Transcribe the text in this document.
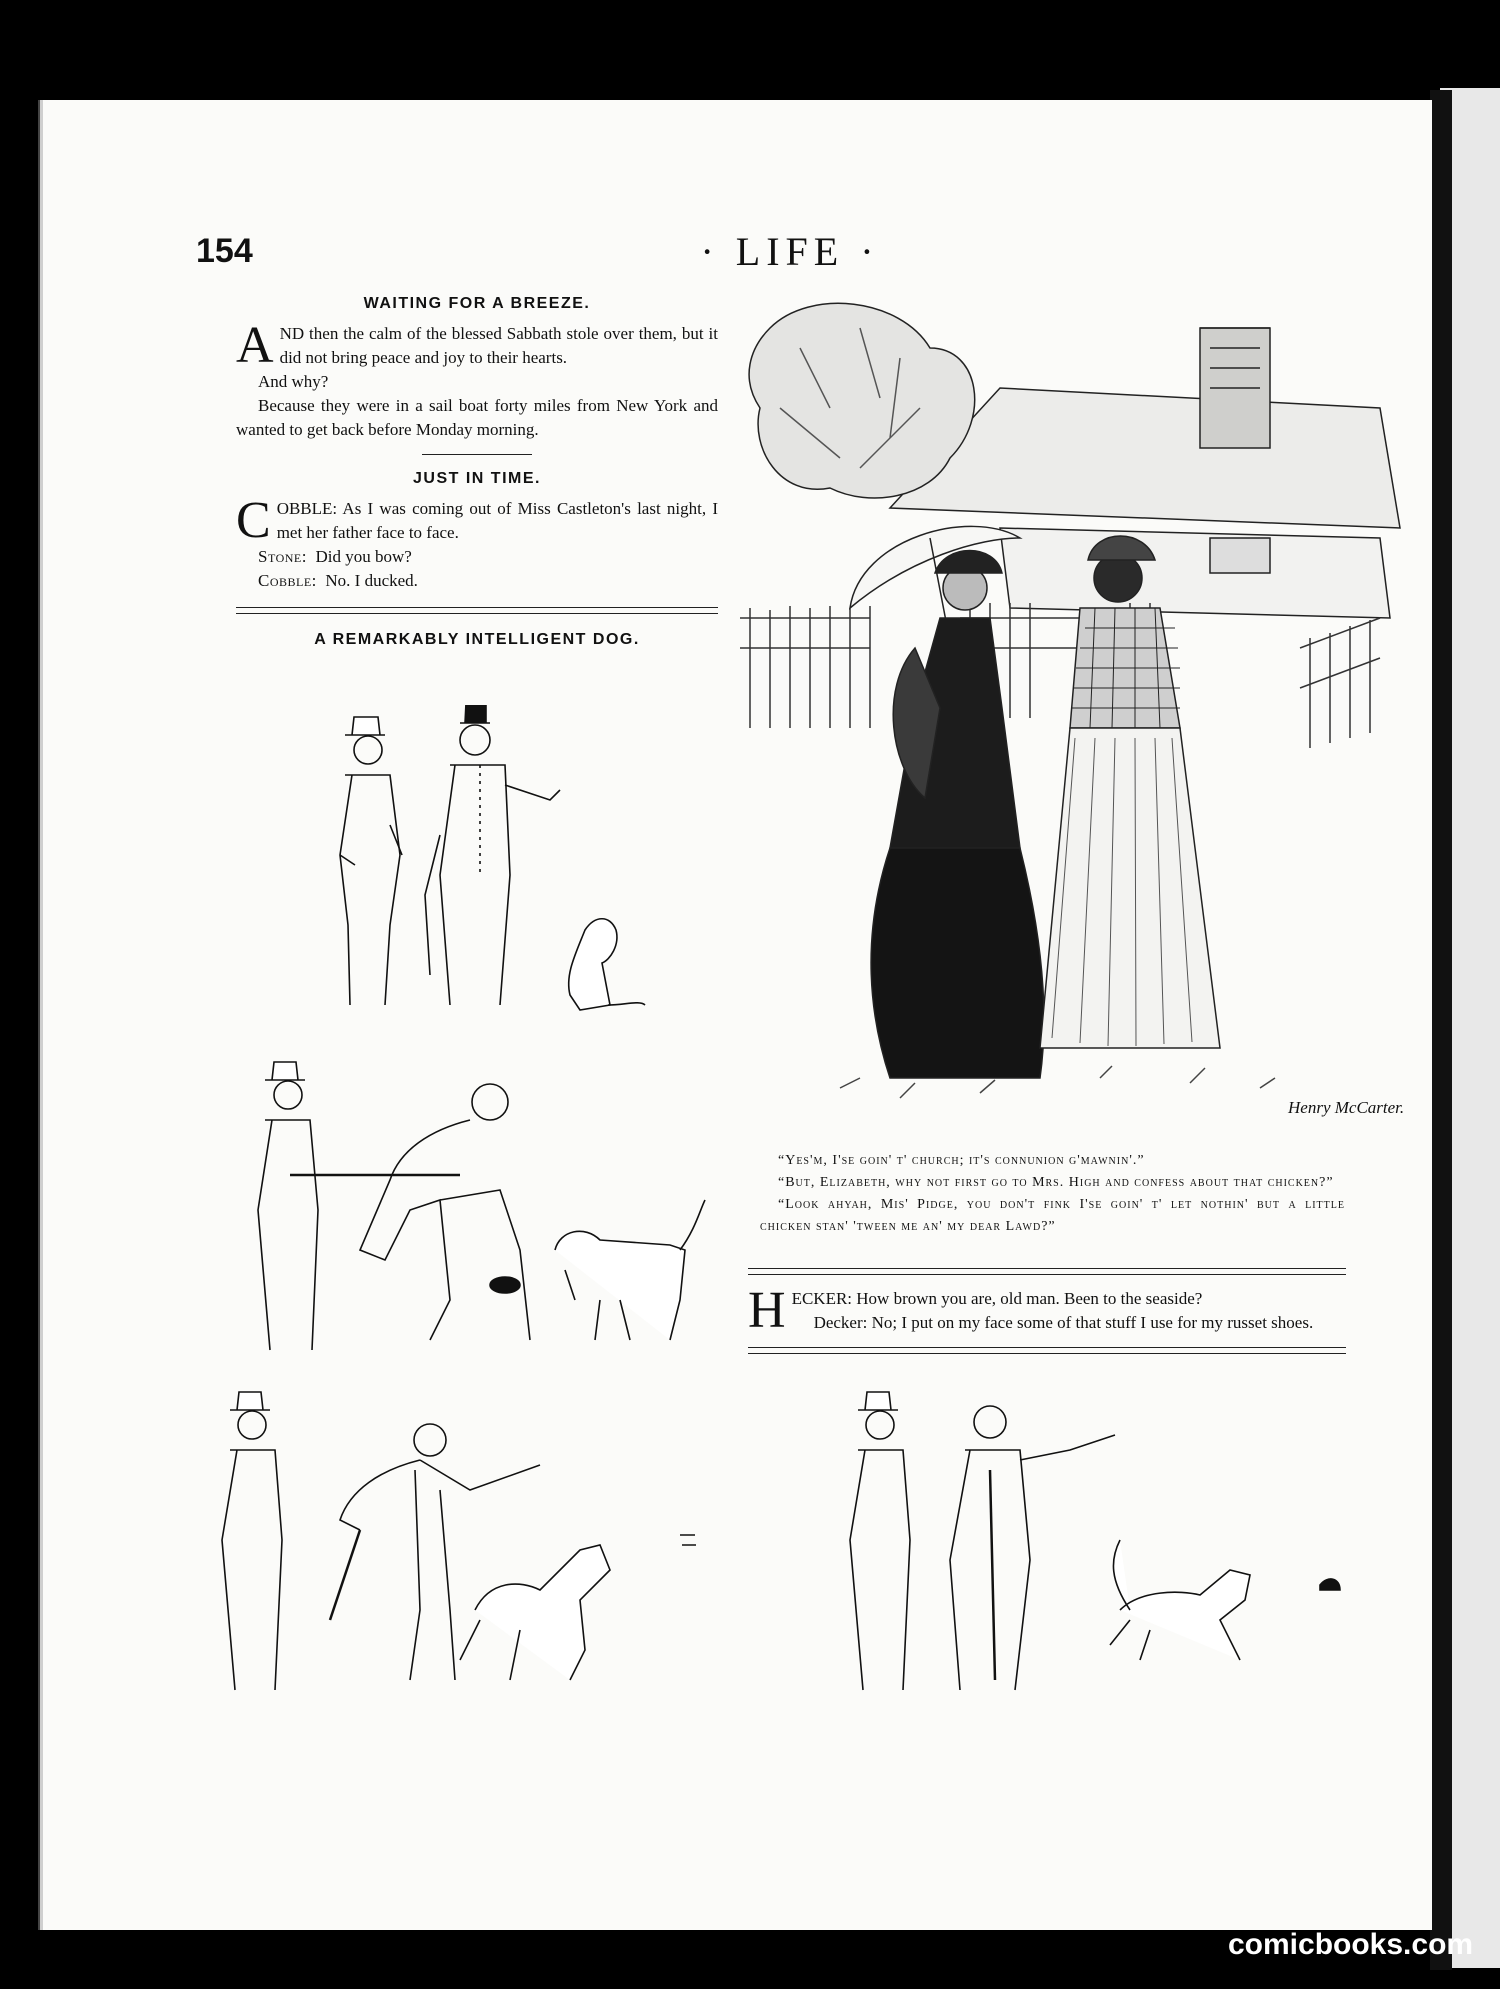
154	· LIFE ·
WAITING FOR A BREEZE.

A ND then the calm of the blessed Sabbath stole over them, but it did not bring peace and joy to their hearts.

And why?

Because they were in a sail boat forty miles from New York and wanted to get back before Monday morning.

JUST IN TIME.

C OBBLE: As I was coming out of Miss Castleton's last night, I met her father face to face.

Stone: Did you bow?

Cobble: No. I ducked.

A REMARKABLY INTELLIGENT DOG.
Henry McCarter.

“Yes'm, I'se goin' t' church; it's connunion g'mawnin'.”

“But, Elizabeth, why not first go to Mrs. High and confess about that chicken?”

“Look ahyah, Mis' Pidge, you don't fink I'se goin' t' let nothin' but a little chicken stan' 'tween me an' my dear Lawd?”

H ECKER: How brown you are, old man. Been to the seaside?

Decker: No; I put on my face some of that stuff I use for my russet shoes.

comicbooks.com
